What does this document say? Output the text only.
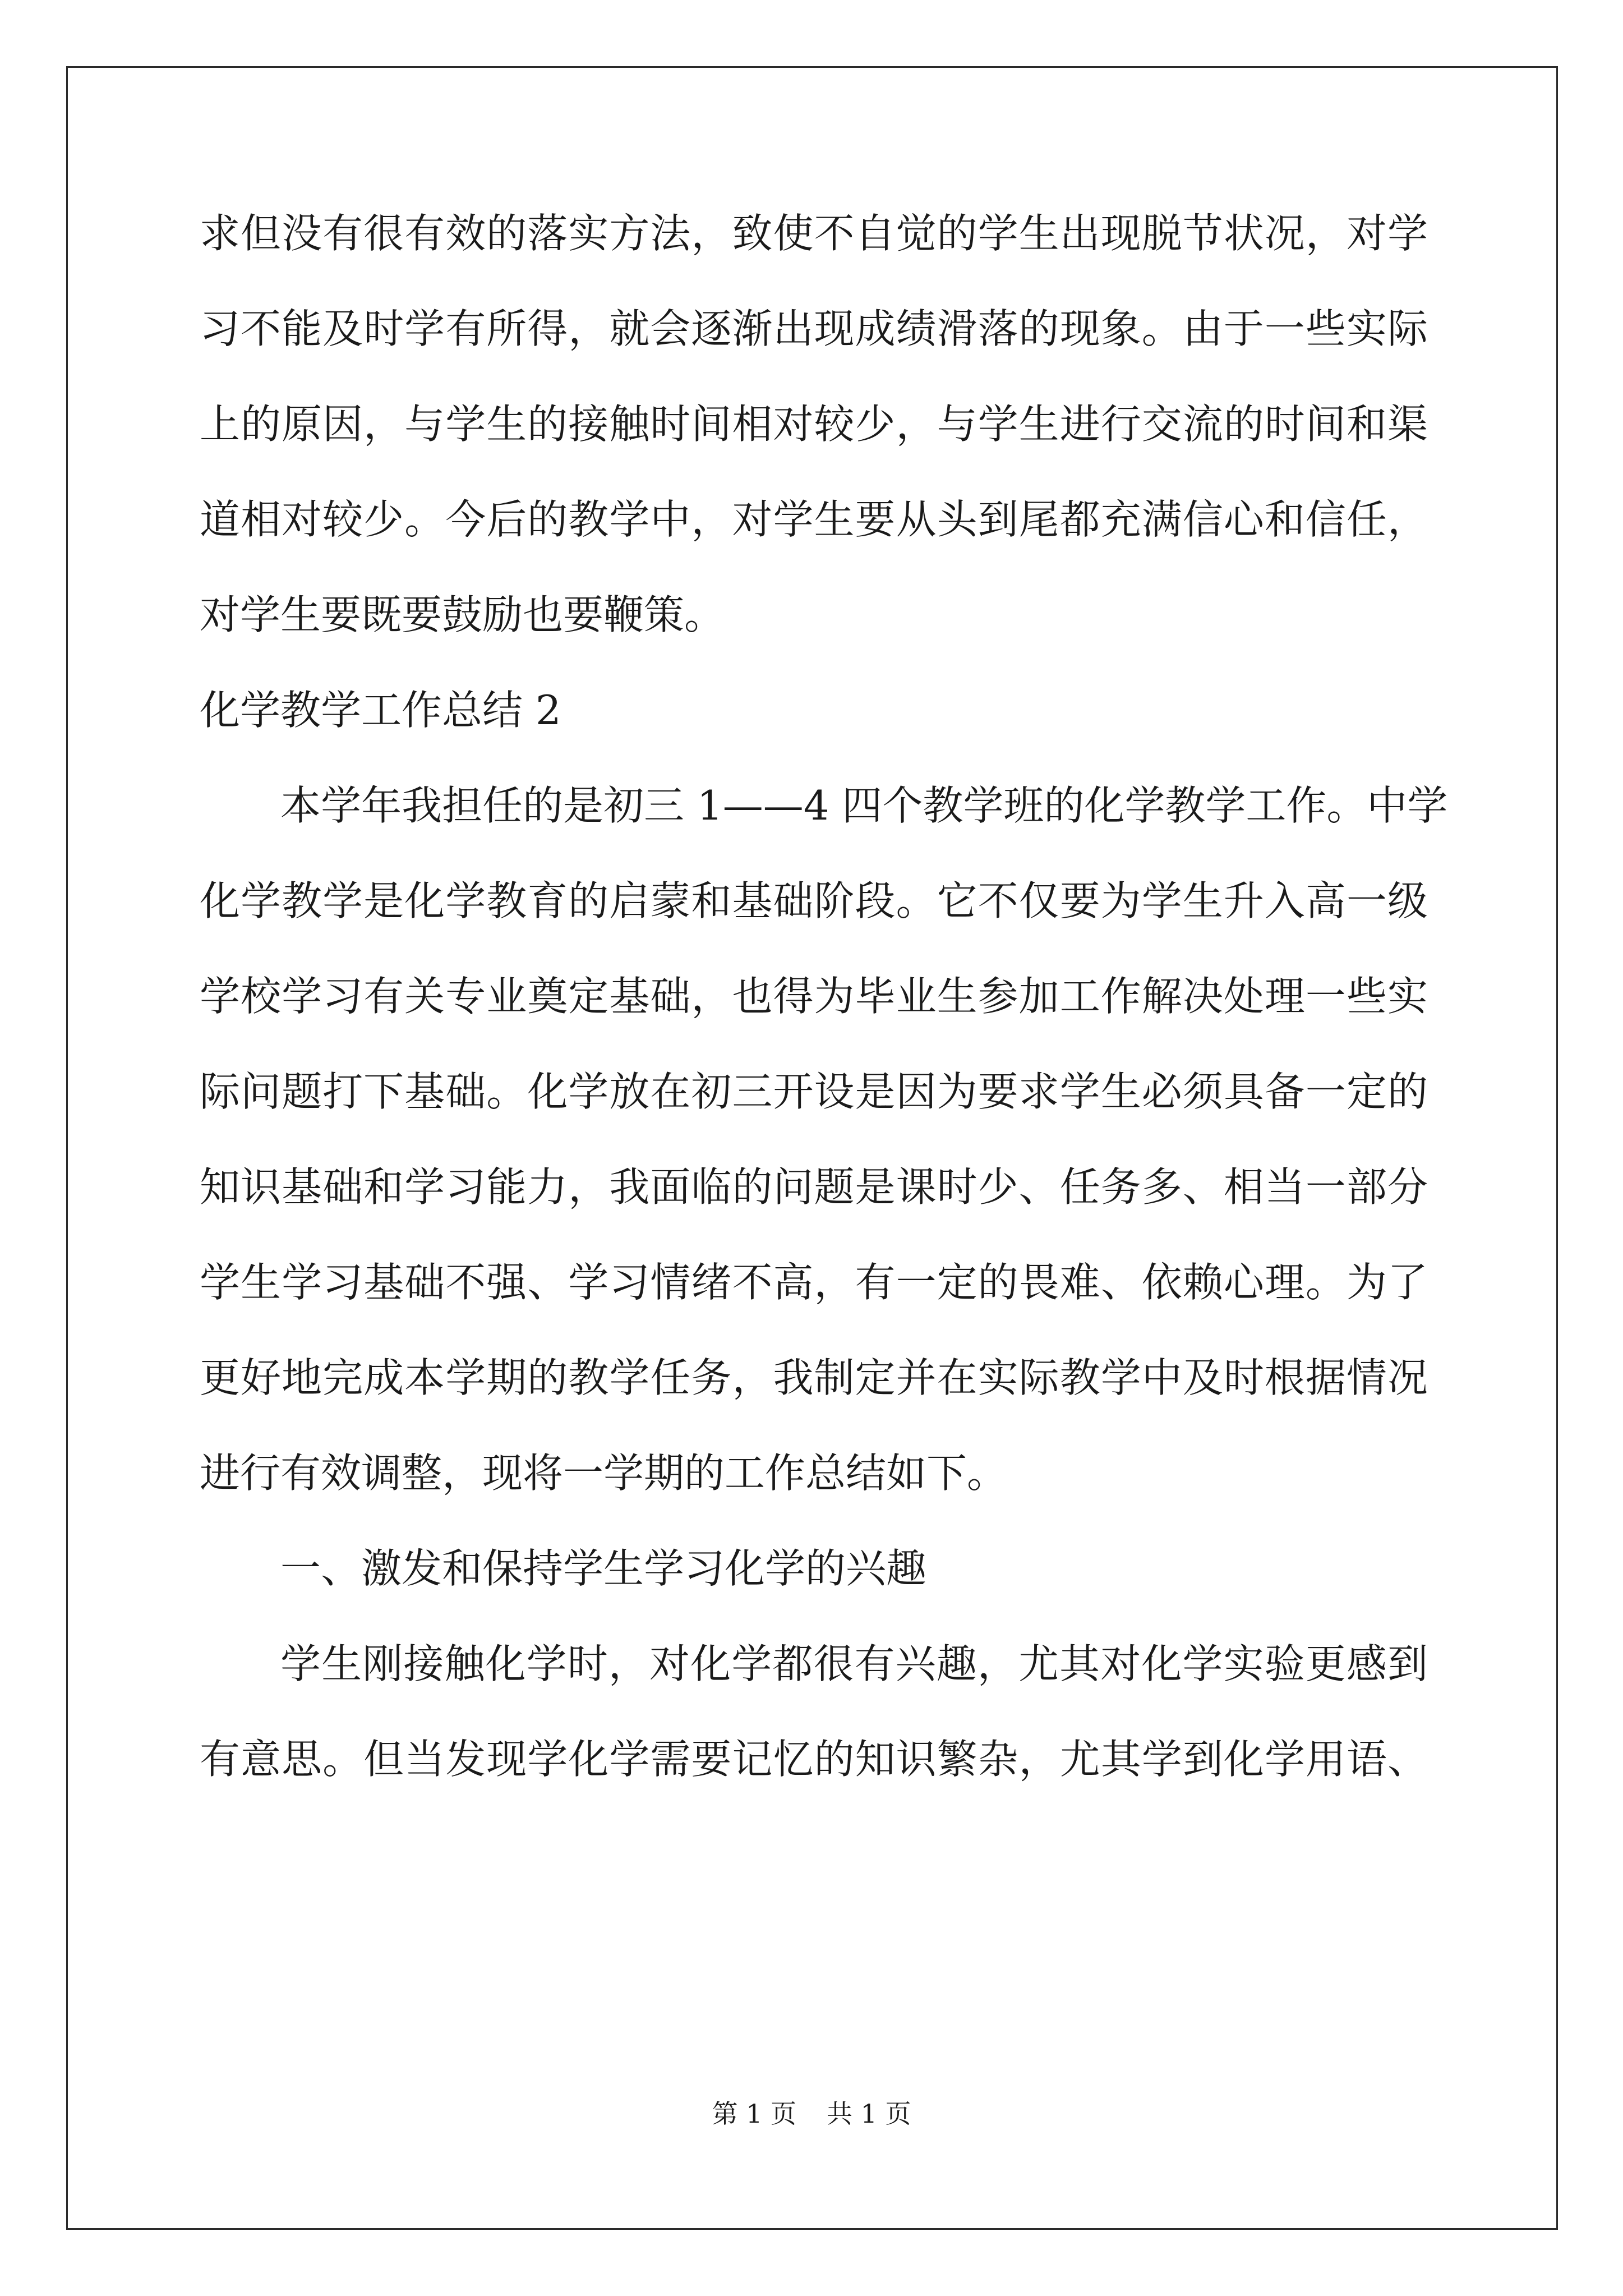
求但没有很有效的落实方法，致使不自觉的学生出现脱节状况，对学
习不能及时学有所得，就会逐渐出现成绩滑落的现象。由于一些实际
上的原因，与学生的接触时间相对较少，与学生进行交流的时间和渠
道相对较少。今后的教学中，对学生要从头到尾都充满信心和信任，
对学生要既要鼓励也要鞭策。
化学教学工作总结 2
本学年我担任的是初三 1——4 四个教学班的化学教学工作。中学
化学教学是化学教育的启蒙和基础阶段。它不仅要为学生升入高一级
学校学习有关专业奠定基础，也得为毕业生参加工作解决处理一些实
际问题打下基础。化学放在初三开设是因为要求学生必须具备一定的
知识基础和学习能力，我面临的问题是课时少、任务多、相当一部分
学生学习基础不强、学习情绪不高，有一定的畏难、依赖心理。为了
更好地完成本学期的教学任务，我制定并在实际教学中及时根据情况
进行有效调整，现将一学期的工作总结如下。
一、激发和保持学生学习化学的兴趣
学生刚接触化学时，对化学都很有兴趣，尤其对化学实验更感到
有意思。但当发现学化学需要记忆的知识繁杂，尤其学到化学用语、
第 1 页 共 1 页
